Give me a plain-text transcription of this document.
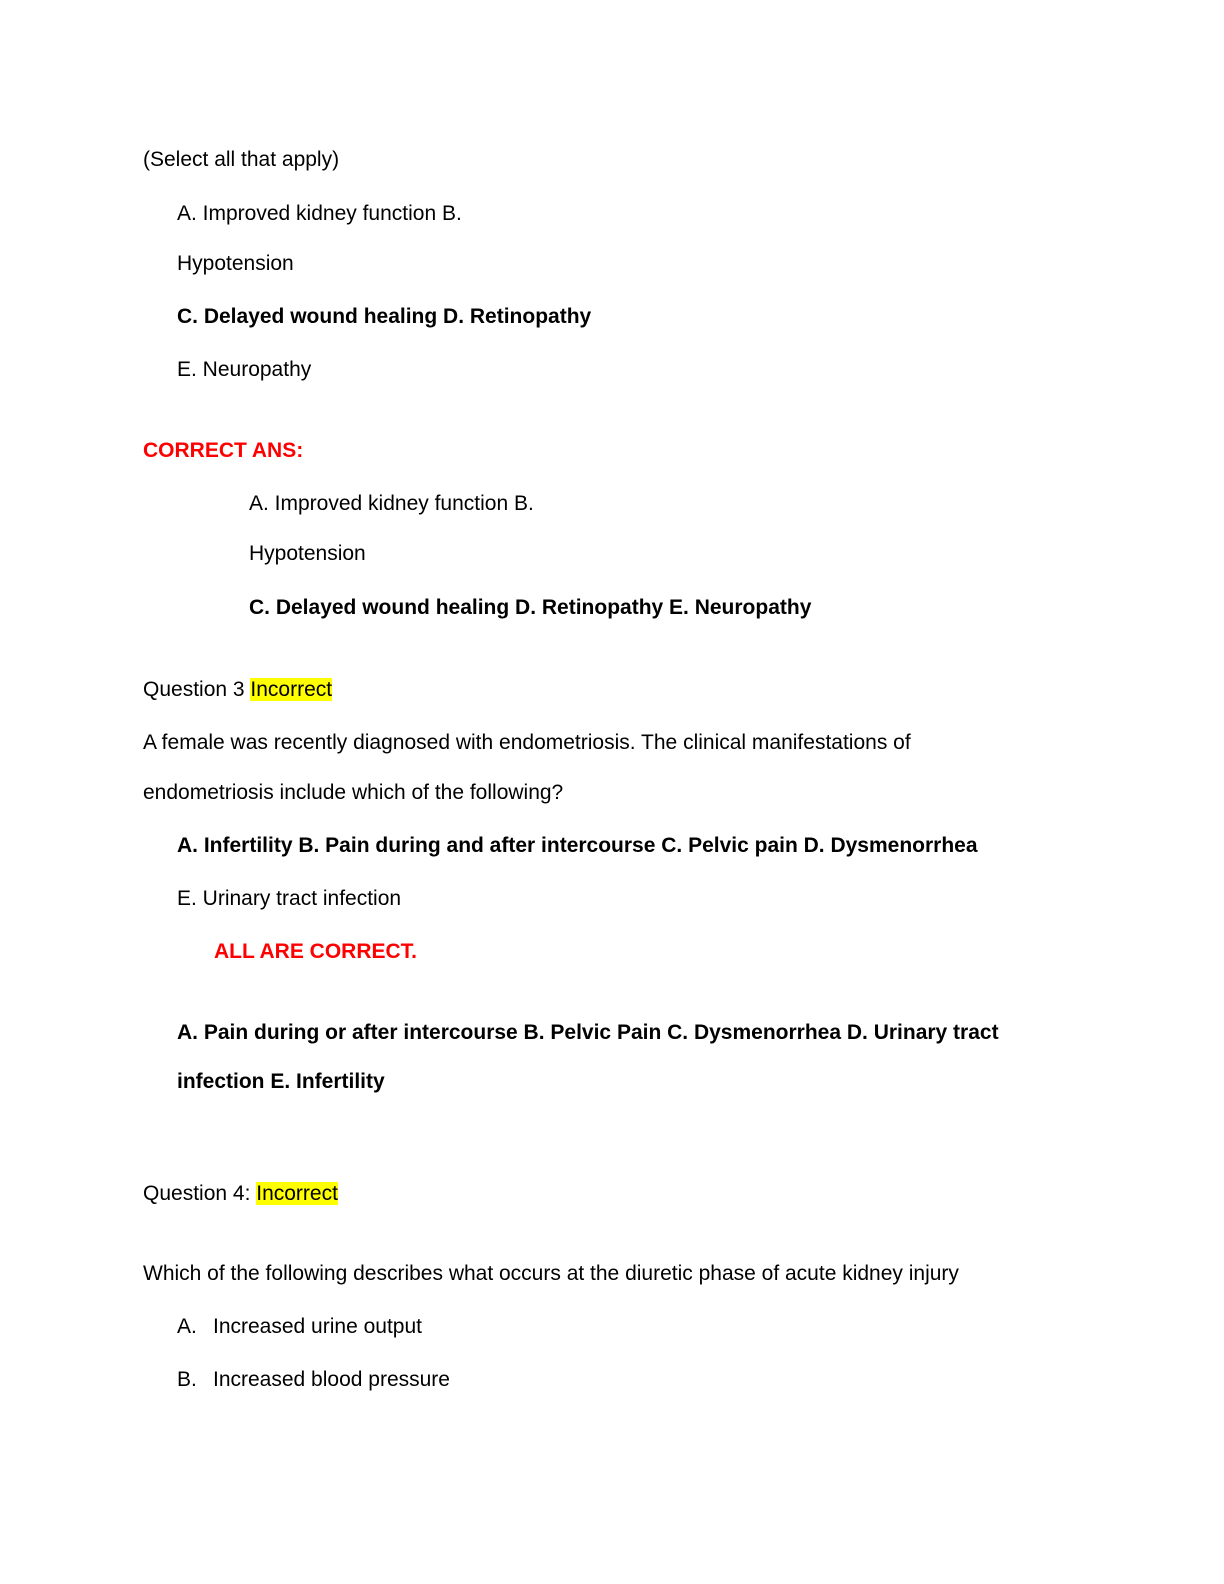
(Select all that apply)
A. Improved kidney function B.
Hypotension
C. Delayed wound healing D. Retinopathy
E. Neuropathy
CORRECT ANS:
A. Improved kidney function B.
Hypotension
C. Delayed wound healing D. Retinopathy E. Neuropathy
Question 3 Incorrect
A female was recently diagnosed with endometriosis. The clinical manifestations of
endometriosis include which of the following?
A. Infertility B. Pain during and after intercourse C. Pelvic pain D. Dysmenorrhea
E. Urinary tract infection
ALL ARE CORRECT.
A. Pain during or after intercourse B. Pelvic Pain C. Dysmenorrhea D. Urinary tract
infection E. Infertility
Question 4: Incorrect
Which of the following describes what occurs at the diuretic phase of acute kidney injury
A. Increased urine output
B. Increased blood pressure
